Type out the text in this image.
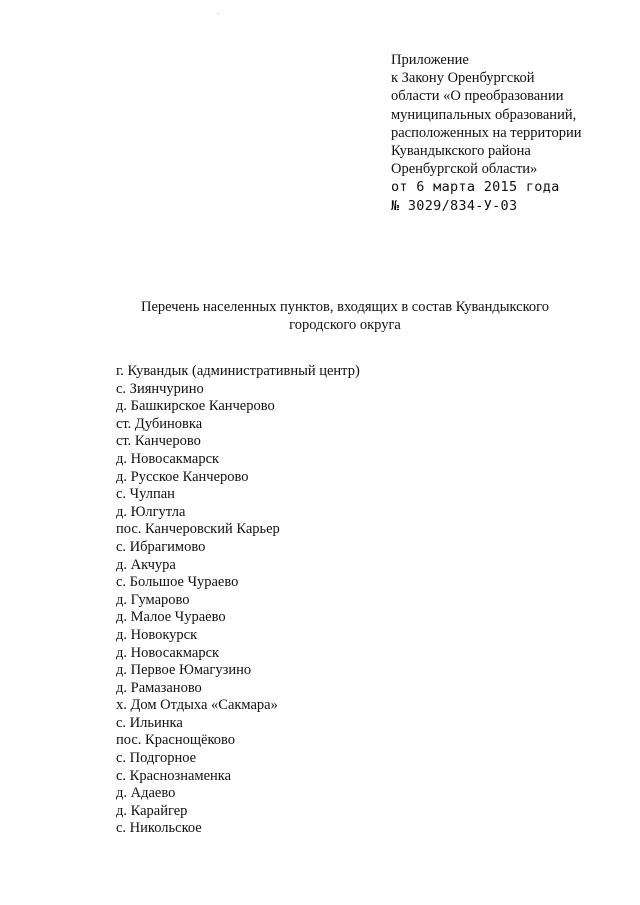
Приложение
к Закону Оренбургской
области «О преобразовании
муниципальных образований,
расположенных на территории
Кувандыкского района
Оренбургской области»
от 6 марта 2015 года
№ 3029/834-У-03
Перечень населенных пунктов, входящих в состав Кувандыкского
городского округа
г. Кувандык (административный центр)
с. Зиянчурино
д. Башкирское Канчерово
ст. Дубиновка
ст. Канчерово
д. Новосакмарск
д. Русское Канчерово
с. Чулпан
д. Юлгутла
пос. Канчеровский Карьер
с. Ибрагимово
д. Акчура
с. Большое Чураево
д. Гумарово
д. Малое Чураево
д. Новокурск
д. Новосакмарск
д. Первое Юмагузино
д. Рамазаново
х. Дом Отдыха «Сакмара»
с. Ильинка
пос. Краснощёково
с. Подгорное
с. Краснознаменка
д. Адаево
д. Карайгер
с. Никольское
